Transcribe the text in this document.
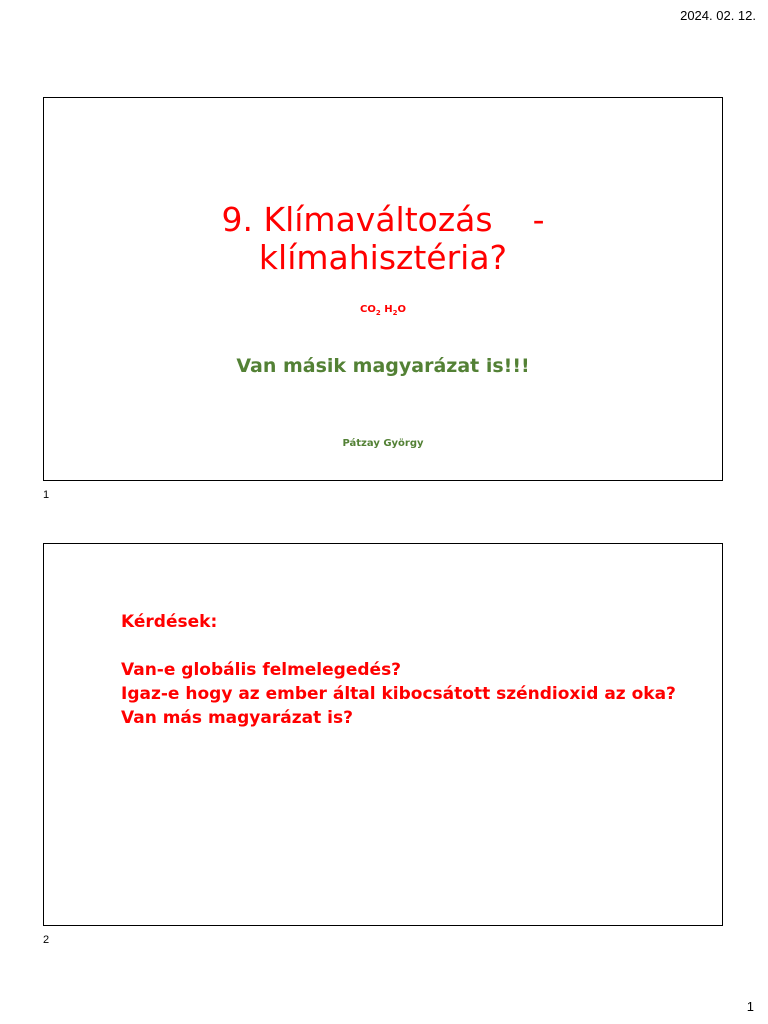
2024. 02. 12.
9. Klímaváltozás -
klímahisztéria?
$CO_2$ $H_2O$
Van másik magyarázat is!!!
Pátzay György
1
Kérdések:
Van-e globális felmelegedés?
Igaz-e hogy az ember által kibocsátott széndioxid az oka?
Van más magyarázat is?
2
1
